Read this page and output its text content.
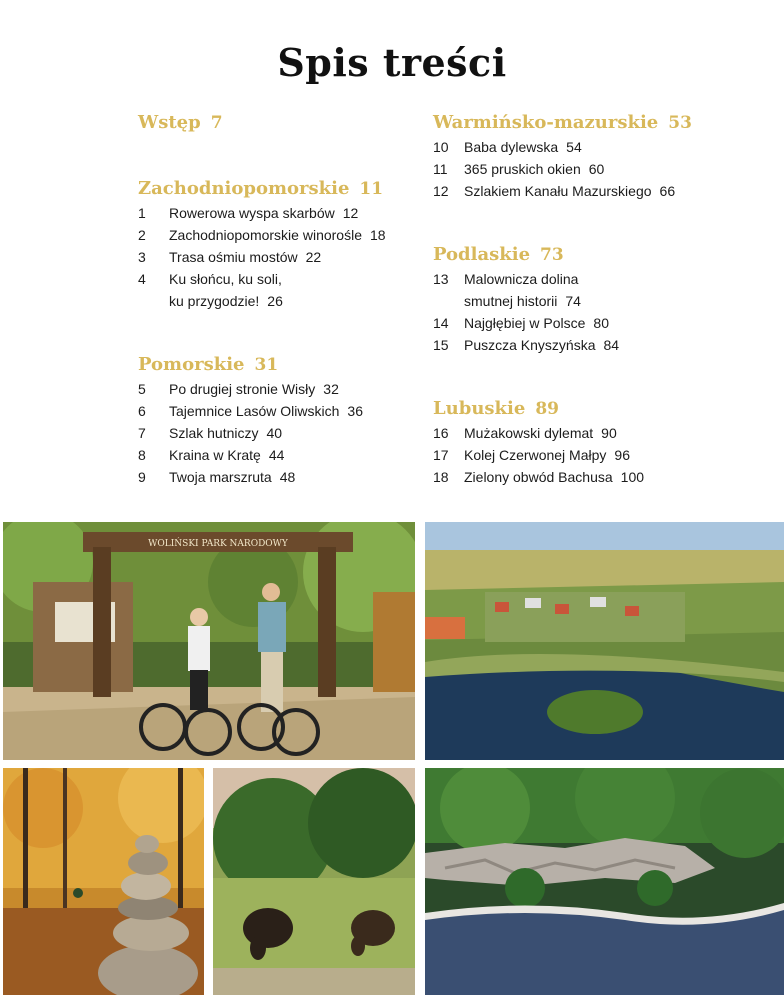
Spis treści
Wstęp 7
Zachodniopomorskie 11
1	Rowerowa wyspa skarbów 12
2	Zachodniopomorskie winorośle 18
3	Trasa ośmiu mostów 22
4	Ku słońcu, ku soli,
ku przygodzie! 26
Pomorskie 31
5	Po drugiej stronie Wisły 32
6	Tajemnice Lasów Oliwskich 36
7	Szlak hutniczy 40
8	Kraina w Kratę 44
9	Twoja marszruta 48
Warmińsko-mazurskie 53
10	Baba dylewska 54
11	365 pruskich okien 60
12	Szlakiem Kanału Mazurskiego 66
Podlaskie 73
13	Malownicza dolina
smutnej historii 74
14	Najgłębiej w Polsce 80
15	Puszcza Knyszyńska 84
Lubuskie 89
16	Mużakowski dylemat 90
17	Kolej Czerwonej Małpy 96
18	Zielony obwód Bachusa 100
WOLIŃSKI PARK NARODOWY
